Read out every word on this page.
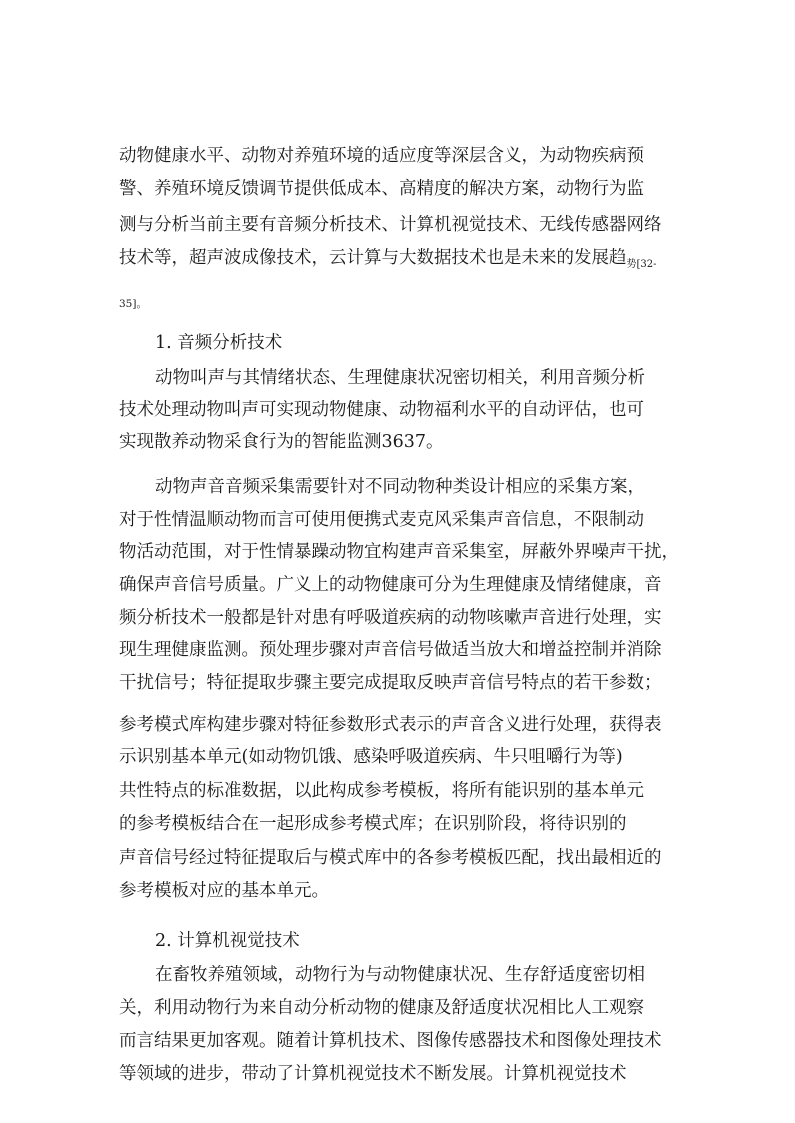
动物健康水平、动物对养殖环境的适应度等深层含义，为动物疾病预
警、养殖环境反馈调节提供低成本、高精度的解决方案，动物行为监
测与分析当前主要有音频分析技术、计算机视觉技术、无线传感器网络
技术等，超声波成像技术，云计算与大数据技术也是未来的发展趋$_{势[32-}$
35]。
1. 音频分析技术
动物叫声与其情绪状态、生理健康状况密切相关，利用音频分析
技术处理动物叫声可实现动物健康、动物福利水平的自动评估，也可
实现散养动物采食行为的智能监测3637。
动物声音音频采集需要针对不同动物种类设计相应的采集方案，
对于性情温顺动物而言可使用便携式麦克风采集声音信息，不限制动
物活动范围，对于性情暴躁动物宜构建声音采集室，屏蔽外界噪声干扰，
确保声音信号质量。广义上的动物健康可分为生理健康及情绪健康，音
频分析技术一般都是针对患有呼吸道疾病的动物咳嗽声音进行处理，实
现生理健康监测。预处理步骤对声音信号做适当放大和增益控制并消除
干扰信号；特征提取步骤主要完成提取反映声音信号特点的若干参数；
参考模式库构建步骤对特征参数形式表示的声音含义进行处理，获得表
示识别基本单元(如动物饥饿、感染呼吸道疾病、牛只咀嚼行为等)
共性特点的标准数据，以此构成参考模板，将所有能识别的基本单元
的参考模板结合在一起形成参考模式库；在识别阶段，将待识别的
声音信号经过特征提取后与模式库中的各参考模板匹配，找出最相近的
参考模板对应的基本单元。
2. 计算机视觉技术
在畜牧养殖领域，动物行为与动物健康状况、生存舒适度密切相
关，利用动物行为来自动分析动物的健康及舒适度状况相比人工观察
而言结果更加客观。随着计算机技术、图像传感器技术和图像处理技术
等领域的进步，带动了计算机视觉技术不断发展。计算机视觉技术
